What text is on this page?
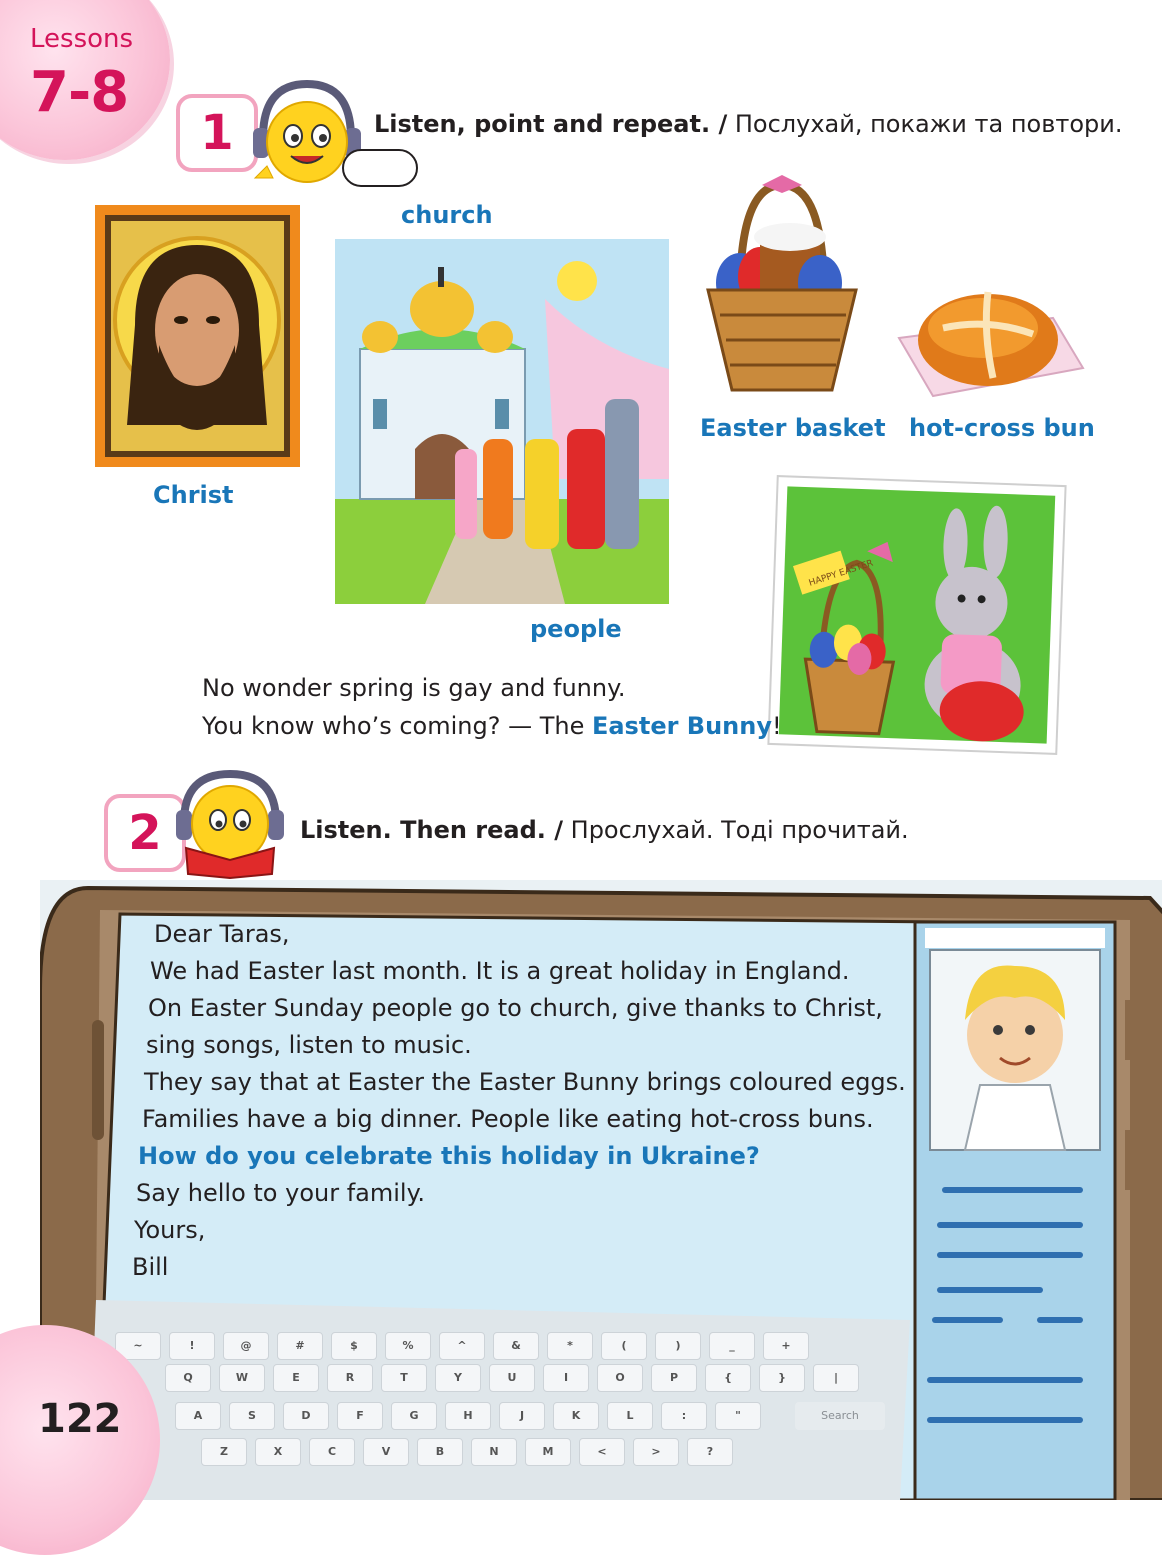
Lessons
7-8
1	Listen, point and repeat. / Послухай, покажи та повтори.
Christ
church
people
Easter basket hot-cross bun
HAPPY EASTER
No wonder spring is gay and funny.
You know who’s coming? — The Easter Bunny!
2	Listen. Then read. / Прослухай. Тоді прочитай.
~	!	@	#	$	%	^	&	*	(	)	_	+
Q	W	E	R	T	Y	U	I	O	P	{	}	|
A	S	D	F	G	H	J	K	L	:	"
Z	X	C	V	B	N	M	<	>	?
Search
Dear Taras,
We had Easter last month. It is a great holiday in England.
On Easter Sunday people go to church, give thanks to Christ,
sing songs, listen to music.
They say that at Easter the Easter Bunny brings coloured eggs.
Families have a big dinner. People like eating hot-cross buns.
How do you celebrate this holiday in Ukraine?
Say hello to your family.
Yours,
Bill
122
